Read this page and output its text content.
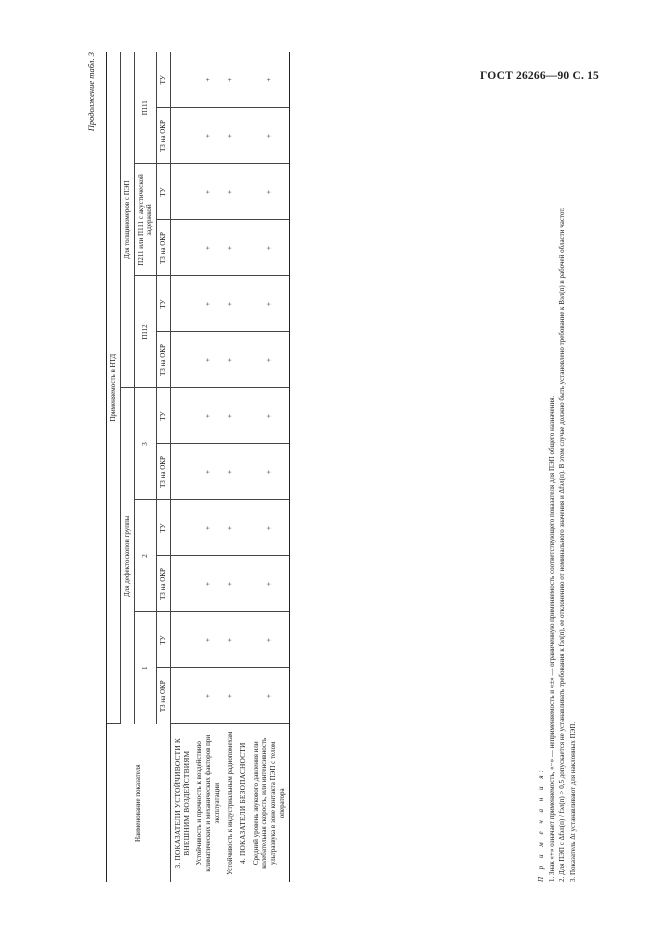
ГОСТ 26266—90 С. 15
Продолжение табл. 3
Наименование показателя	Применяемость в НТД											
	Для дефектоскопов группы						Для толщиномеров с ПЭП					
	1		2		3		П112		П211 или П111 с акустической задержкой		П111	
	ТЗ на ОКР	ТУ	ТЗ на ОКР	ТУ	ТЗ на ОКР	ТУ	ТЗ на ОКР	ТУ	ТЗ на ОКР	ТУ	ТЗ на ОКР	ТУ
3. ПОКАЗАТЕЛИ УСТОЙЧИВОСТИ К ВНЕШНИМ ВОЗДЕЙСТВИЯМ												
Устойчивость и прочность к воздействию климатических и механических факторов при эксплуатации	+	+	+	+	+	+	+	+	+	+	+	+
Устойчивость к индустриальным радиопомехам	+	+	+	+	+	+	+	+	+	+	+	+
4. ПОКАЗАТЕЛИ БЕЗОПАСНОСТИ												
Средний уровень звукового давления или колебательная скорость, или интенсивность ультразвука в зоне контакта ПЭП с телом оператора	+	+	+	+	+	+	+	+	+	+	+	+

П р и м е ч а н и я: 1. Знак «+» означает применяемость, «−» — неприменяемость и «±» — ограниченную применяемость соответствующего показателя для ПЭП общего назначения. 2. Для ПЭП с Δfэл(п) / fэл(п) > 0,5 допускается не устанавливать требования к fэл(п), ее отклонению от номинального значения и Δfэл(п). В этом случае должно быть установлено требование к Bэл(п) в рабочей области частот. 3. Показатель Δt устанавливают для наклонных ПЭП.
